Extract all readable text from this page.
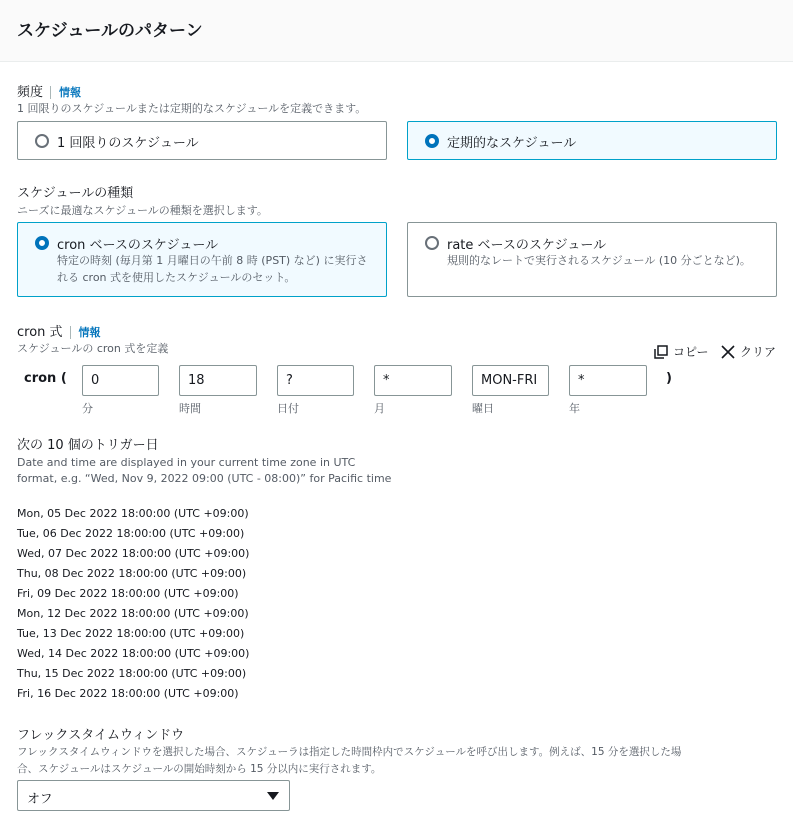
スケジュールのパターン
頻度 情報
1 回限りのスケジュールまたは定期的なスケジュールを定義できます。
1 回限りのスケジュール	定期的なスケジュール
スケジュールの種類
ニーズに最適なスケジュールの種類を選択します。
cron ベースのスケジュール
特定の時刻 (毎月第 1 月曜日の午前 8 時 (PST) など) に実行される cron 式を使用したスケジュールのセット。
rate ベースのスケジュール
規則的なレートで実行されるスケジュール (10 分ごとなど)。
cron 式 情報
スケジュールの cron 式を定義	コピー	クリア
cron (	0
分
18
時間
?
日付
*
月
MON-FRI
曜日
*
年
)
次の 10 個のトリガー日
Date and time are displayed in your current time zone in UTC
format, e.g. “Wed, Nov 9, 2022 09:00 (UTC - 08:00)” for Pacific time
Mon, 05 Dec 2022 18:00:00 (UTC +09:00)
Tue, 06 Dec 2022 18:00:00 (UTC +09:00)
Wed, 07 Dec 2022 18:00:00 (UTC +09:00)
Thu, 08 Dec 2022 18:00:00 (UTC +09:00)
Fri, 09 Dec 2022 18:00:00 (UTC +09:00)
Mon, 12 Dec 2022 18:00:00 (UTC +09:00)
Tue, 13 Dec 2022 18:00:00 (UTC +09:00)
Wed, 14 Dec 2022 18:00:00 (UTC +09:00)
Thu, 15 Dec 2022 18:00:00 (UTC +09:00)
Fri, 16 Dec 2022 18:00:00 (UTC +09:00)
フレックスタイムウィンドウ
フレックスタイムウィンドウを選択した場合、スケジューラは指定した時間枠内でスケジュールを呼び出します。例えば、15 分を選択した場
合、スケジュールはスケジュールの開始時刻から 15 分以内に実行されます。
オフ
